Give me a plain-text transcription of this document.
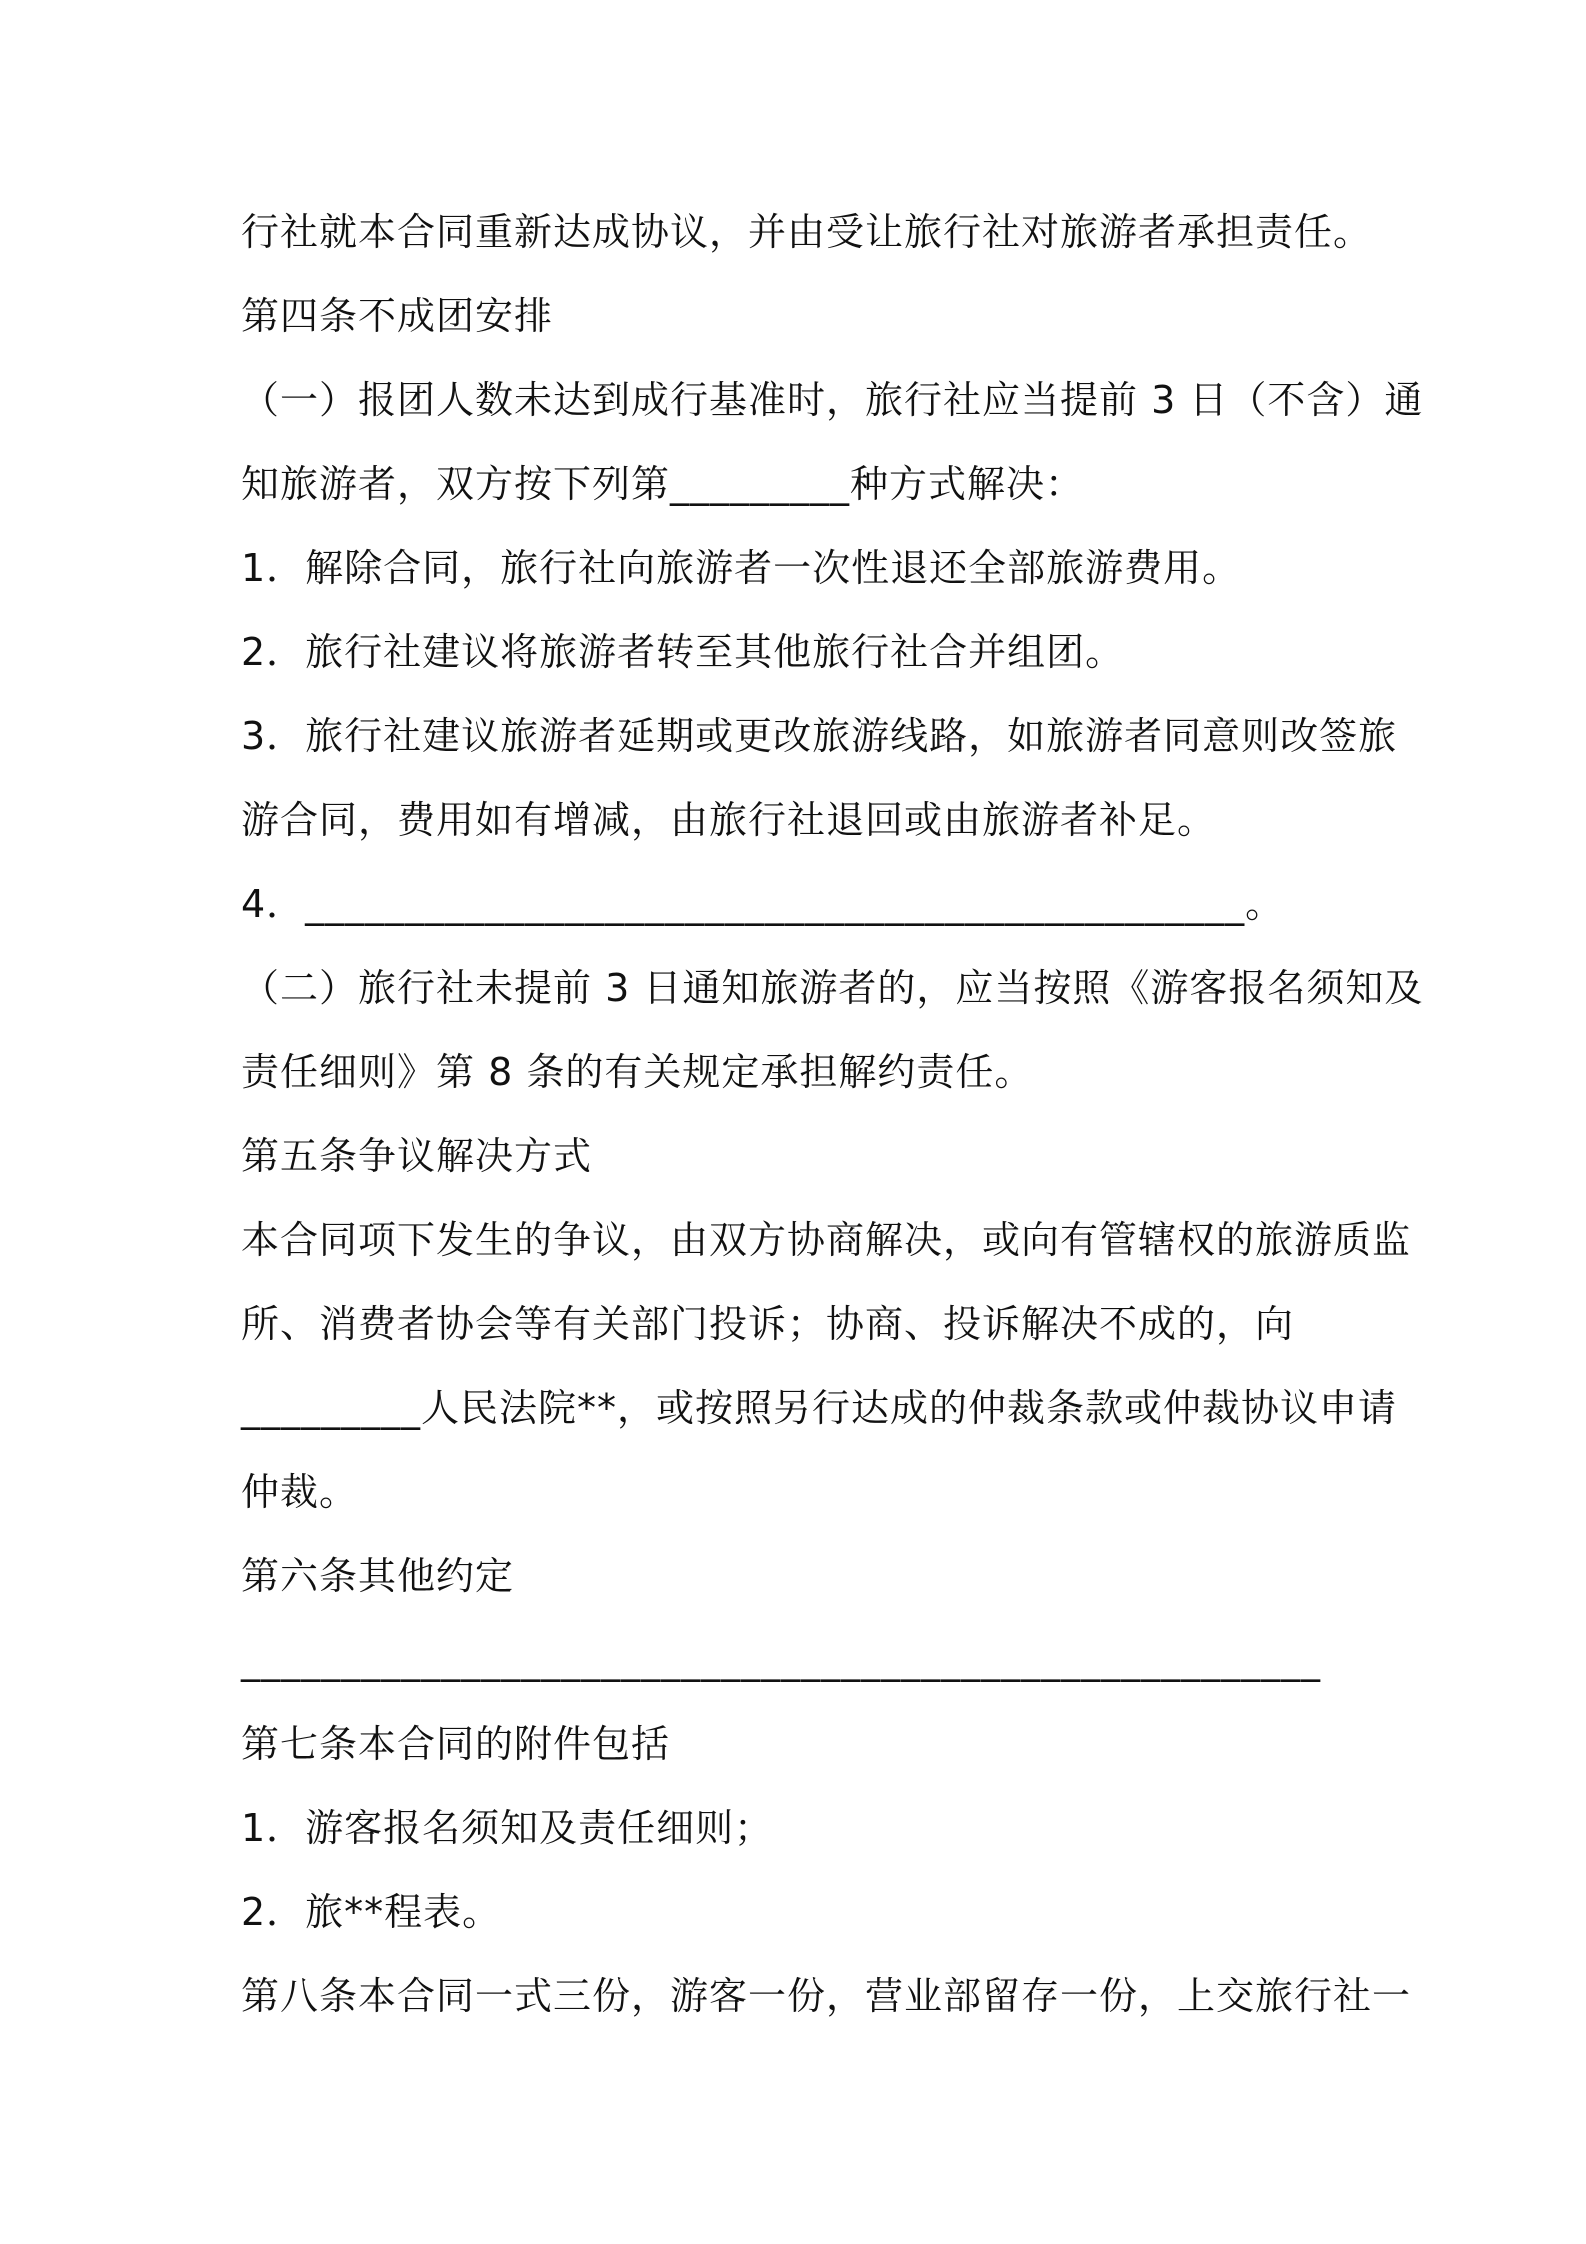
行社就本合同重新达成协议，并由受让旅行社对旅游者承担责任。
第四条不成团安排
（一）报团人数未达到成行基准时，旅行社应当提前 3 日（不含）通
知旅游者，双方按下列第_________种方式解决：
1．解除合同，旅行社向旅游者一次性退还全部旅游费用。
2．旅行社建议将旅游者转至其他旅行社合并组团。
3．旅行社建议旅游者延期或更改旅游线路，如旅游者同意则改签旅
游合同，费用如有增减，由旅行社退回或由旅游者补足。
4．_______________________________________________。
（二）旅行社未提前 3 日通知旅游者的，应当按照《游客报名须知及
责任细则》第 8 条的有关规定承担解约责任。
第五条争议解决方式
本合同项下发生的争议，由双方协商解决，或向有管辖权的旅游质监
所、消费者协会等有关部门投诉；协商、投诉解决不成的，向
_________人民法院**，或按照另行达成的仲裁条款或仲裁协议申请
仲裁。
第六条其他约定
______________________________________________________
第七条本合同的附件包括
1．游客报名须知及责任细则；
2．旅**程表。
第八条本合同一式三份，游客一份，营业部留存一份，上交旅行社一
